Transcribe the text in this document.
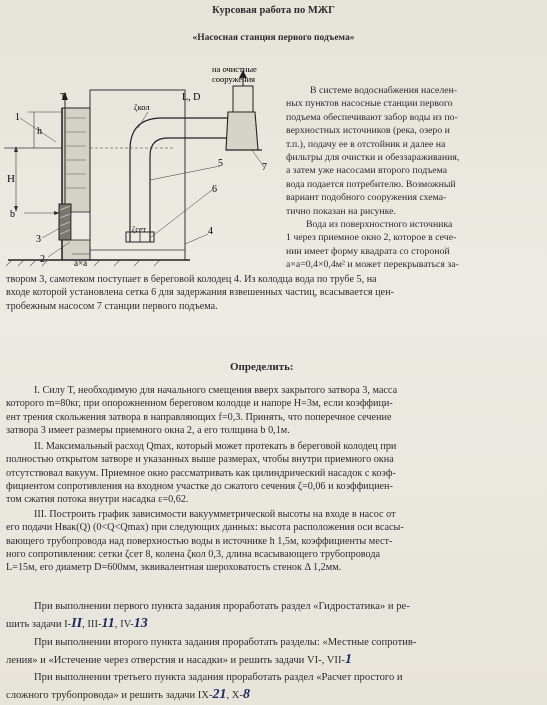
Курсовая работа по МЖГ
«Насосная станция первого подъема»
на очистные
сооружения
L, D
ζкол
ζсет
T
h
H
b
a×a
1
2
3
4
5
6
7

В системе водоснабжения населен-

ных пунктов насосные станции первого

подъема обеспечивают забор воды из по-

верхностных источников (река, озеро и

т.п.), подачу ее в отстойник и далее на

фильтры для очистки и обеззараживания,

а затем уже насосами второго подъема

вода подается потребителю. Возможный

вариант подобного сооружения схема-

тично показан на рисунке.

Вода из поверхностного источника

1 через приемное окно 2, которое в сече-

нии имеет форму квадрата со стороной

a×a=0,4×0,4м² и может перекрываться за-

твором 3, самотеком поступает в береговой колодец 4. Из колодца вода по трубе 5, на

входе которой установлена сетка 6 для задержания взвешенных частиц, всасывается цен-

тробежным насосом 7 станции первого подъема.

Определить:

I. Силу T, необходимую для начального смещения вверх закрытого затвора 3, масса

которого m=80кг, при опорожненном береговом колодце и напоре H=3м, если коэффици-

ент трения скольжения затвора в направляющих f=0,3. Принять, что поперечное сечение

затвора 3 имеет размеры приемного окна 2, а его толщина b 0,1м.

II. Максимальный расход Qmax, который может протекать в береговой колодец при

полностью открытом затворе и указанных выше размерах, чтобы внутри приемного окна

отсутствовал вакуум. Приемное окно рассматривать как цилиндрический насадок с коэф-

фициентом сопротивления на входном участке до сжатого сечения ζ=0,06 и коэффициен-

том сжатия потока внутри насадка ε=0,62.

III. Построить график зависимости вакуумметрической высоты на входе в насос от

его подачи Hвак(Q) (0<Q<Qmax) при следующих данных: высота расположения оси всасы-

вающего трубопровода над поверхностью воды в источнике h 1,5м, коэффициенты мест-

ного сопротивления: сетки ζсет 8, колена ζкол 0,3, длина всасывающего трубопровода

L=15м, его диаметр D=600мм, эквивалентная шероховатость стенок Δ 1,2мм.

При выполнении первого пункта задания проработать раздел «Гидростатика» и ре-

шить задачи I-II, III-11, IV-13

При выполнении второго пункта задания проработать разделы: «Местные сопротив-

ления» и «Истечение через отверстия и насадки» и решить задачи VI-, VII-1

При выполнении третьего пункта задания проработать раздел «Расчет простого и

сложного трубопровода» и решить задачи IX-21, X-8
